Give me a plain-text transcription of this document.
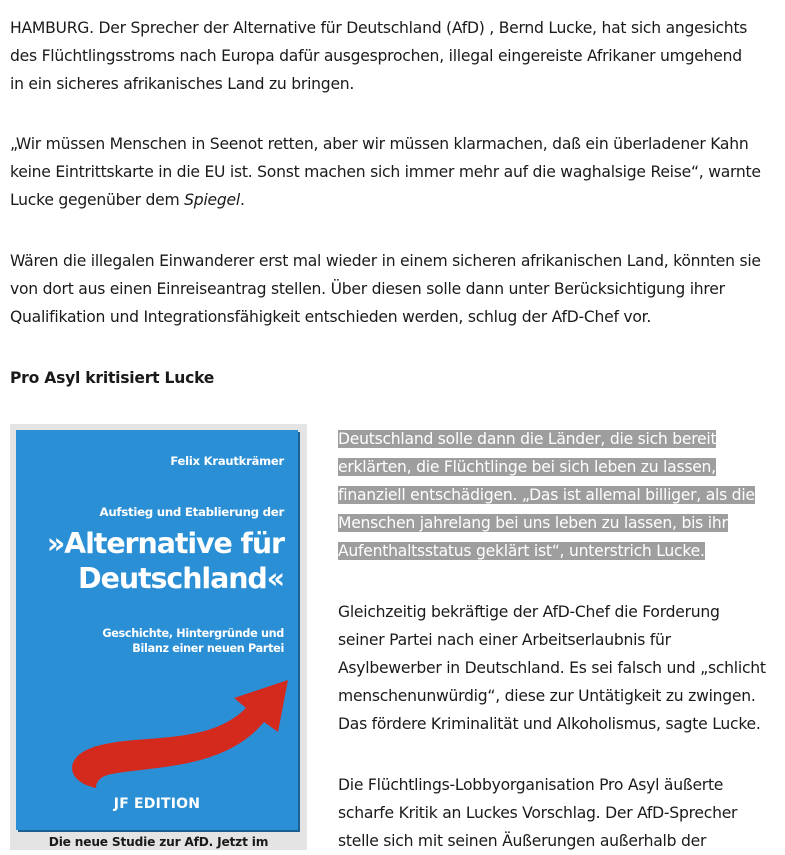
HAMBURG. Der Sprecher der Alternative für Deutschland (AfD) , Bernd Lucke, hat sich angesichts
des Flüchtlingsstroms nach Europa dafür ausgesprochen, illegal eingereiste Afrikaner umgehend
in ein sicheres afrikanisches Land zu bringen.

„Wir müssen Menschen in Seenot retten, aber wir müssen klarmachen, daß ein überladener Kahn
keine Eintrittskarte in die EU ist. Sonst machen sich immer mehr auf die waghalsige Reise“, warnte
Lucke gegenüber dem Spiegel.

Wären die illegalen Einwanderer erst mal wieder in einem sicheren afrikanischen Land, könnten sie
von dort aus einen Einreiseantrag stellen. Über diesen solle dann unter Berücksichtigung ihrer
Qualifikation und Integrationsfähigkeit entschieden werden, schlug der AfD-Chef vor.

Pro Asyl kritisiert Lucke
Felix Krautkrämer
Aufstieg und Etablierung der
»Alternative für
Deutschland«
Geschichte, Hintergründe und
Bilanz einer neuen Partei
JF EDITION
Die neue Studie zur AfD. Jetzt im

Deutschland solle dann die Länder, die sich bereit
erklärten, die Flüchtlinge bei sich leben zu lassen,
finanziell entschädigen. „Das ist allemal billiger, als die
Menschen jahrelang bei uns leben zu lassen, bis ihr
Aufenthaltsstatus geklärt ist“, unterstrich Lucke.

Gleichzeitig bekräftige der AfD-Chef die Forderung
seiner Partei nach einer Arbeitserlaubnis für
Asylbewerber in Deutschland. Es sei falsch und „schlicht
menschenunwürdig“, diese zur Untätigkeit zu zwingen.
Das fördere Kriminalität und Alkoholismus, sagte Lucke.

Die Flüchtlings-Lobbyorganisation Pro Asyl äußerte
scharfe Kritik an Luckes Vorschlag. Der AfD-Sprecher
stelle sich mit seinen Äußerungen außerhalb der
